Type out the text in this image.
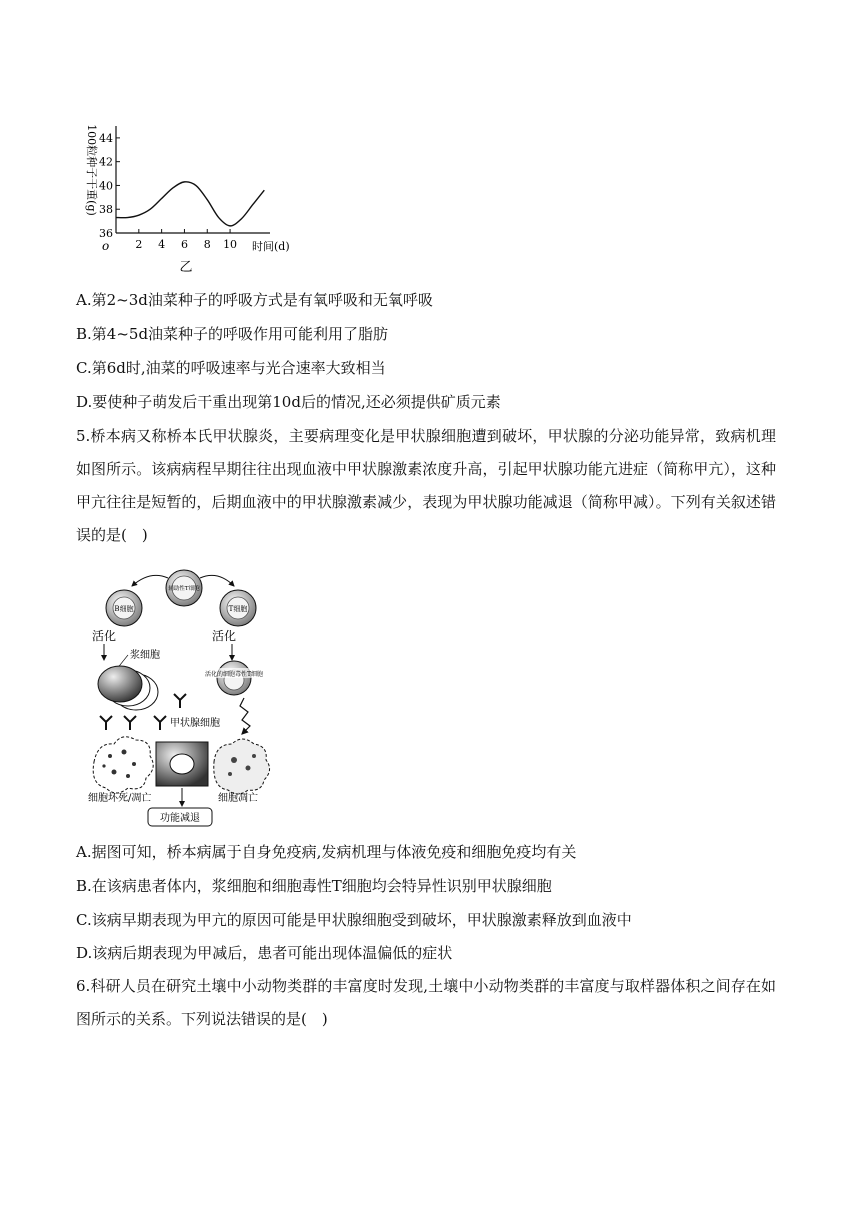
100粒种子干重(g)
36
38
40
42
44
2 4 6 8 10
o	时间(d)
乙
A.第2~3d油菜种子的呼吸方式是有氧呼吸和无氧呼吸
B.第4~5d油菜种子的呼吸作用可能利用了脂肪
C.第6d时,油菜的呼吸速率与光合速率大致相当
D.要使种子萌发后干重出现第10d后的情况,还必须提供矿质元素
5.桥本病又称桥本氏甲状腺炎，主要病理变化是甲状腺细胞遭到破坏，甲状腺的分泌功能异常，致病机理如图所示。该病病程早期往往出现血液中甲状腺激素浓度升高，引起甲状腺功能亢进症（简称甲亢），这种甲亢往往是短暂的，后期血液中的甲状腺激素减少，表现为甲状腺功能减退（简称甲减）。下列有关叙述错误的是(　)
辅助性T细胞
B细胞	T细胞
活化	活化
浆细胞
活化的细胞毒性T细胞
甲状腺细胞
细胞坏死/凋亡	细胞凋亡
功能减退
A.据图可知，桥本病属于自身免疫病,发病机理与体液免疫和细胞免疫均有关
B.在该病患者体内，浆细胞和细胞毒性T细胞均会特异性识别甲状腺细胞
C.该病早期表现为甲亢的原因可能是甲状腺细胞受到破坏，甲状腺激素释放到血液中
D.该病后期表现为甲减后，患者可能出现体温偏低的症状
6.科研人员在研究土壤中小动物类群的丰富度时发现,土壤中小动物类群的丰富度与取样器体积之间存在如图所示的关系。下列说法错误的是(　)
